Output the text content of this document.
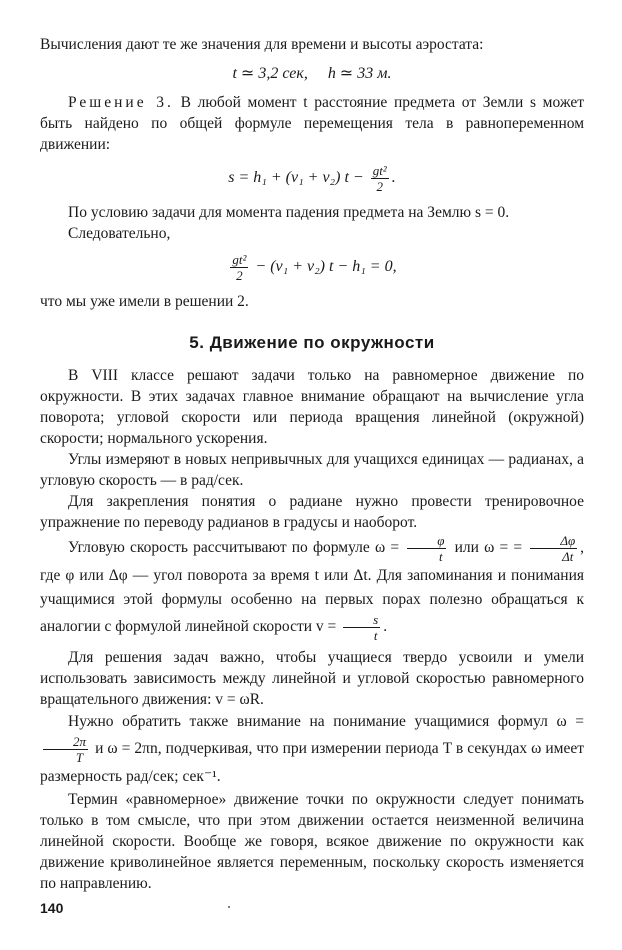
Вычисления дают те же значения для времени и высоты аэростата:

t ≃ 3,2 сек, h ≃ 33 м.

Решение 3. В любой момент t расстояние предмета от Земли s может быть найдено по общей формуле перемещения тела в равнопеременном движении:

s = h₁ + (v₁ + v₂) $t - \frac{\text{gt²}}{2}$ .

По условию задачи для момента падения предмета на Землю s = 0.

Следовательно,

$\frac{\text{gt²}}{2} - (v_1 + v_2) t - h_1 = 0$,

что мы уже имели в решении 2.

5. Движение по окружности

В VIII классе решают задачи только на равномерное движение по окружности. В этих задачах главное внимание обращают на вычисление угла поворота; угловой скорости или периода вращения линейной (окружной) скорости; нормального ускорения.

Углы измеряют в новых непривычных для учащихся единицах — радианах, а угловую скорость — в рад/сек.

Для закрепления понятия о радиане нужно провести тренировочное упражнение по переводу радианов в градусы и наоборот.

Угловую скорость рассчитывают по формуле $\omega = \frac{\varphi}{t}$ или ω = = $\frac{\Delta\varphi}{\Delta t}$ , где φ или Δφ — угол поворота за время t или Δt. Для запоминания и понимания учащимися этой формулы особенно на первых порах полезно обращаться к аналогии с формулой линейной скорости $v = \frac{s}{t}$ .

Для решения задач важно, чтобы учащиеся твердо усвоили и умели использовать зависимость между линейной и угловой скоростью равномерного вращательного движения: v = ωR.

Нужно обратить также внимание на понимание учащимися формул ω =
$\frac{2\pi}{T}$ и ω = 2πn, подчеркивая, что при измерении периода T в секундах ω имеет размерность рад/сек; сек⁻¹.

Термин «равномерное» движение точки по окружности следует понимать только в том смысле, что при этом движении остается неизменной величина линейной скорости. Вообще же говоря, всякое движение по окружности как движение криволинейное является переменным, поскольку скорость изменяется по направлению.

140
